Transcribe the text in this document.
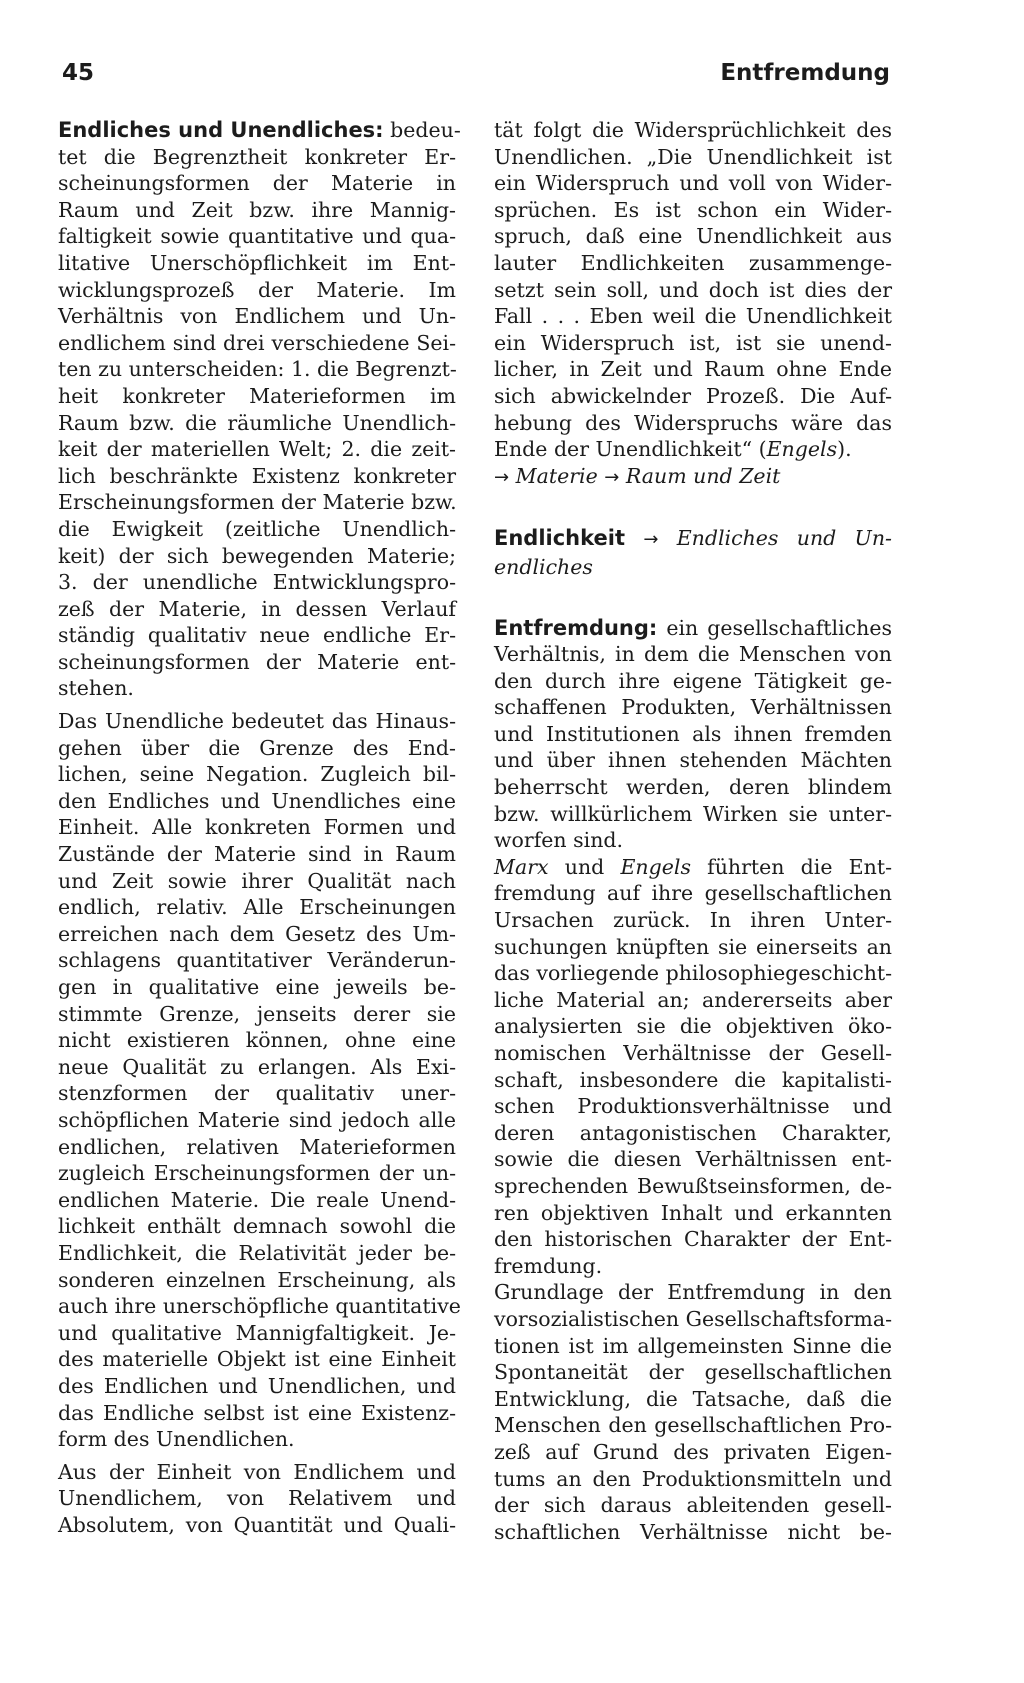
45	Entfremdung

Endliches und Unendliches: bedeu-
tet die Begrenztheit konkreter Er-
scheinungsformen der Materie in
Raum und Zeit bzw. ihre Mannig-
faltigkeit sowie quantitative und qua-
litative Unerschöpflichkeit im Ent-
wicklungsprozeß der Materie. Im
Verhältnis von Endlichem und Un-
endlichem sind drei verschiedene Sei-
ten zu unterscheiden: 1. die Begrenzt-
heit konkreter Materieformen im
Raum bzw. die räumliche Unendlich-
keit der materiellen Welt; 2. die zeit-
lich beschränkte Existenz konkreter
Erscheinungsformen der Materie bzw.
die Ewigkeit (zeitliche Unendlich-
keit) der sich bewegenden Materie;
3. der unendliche Entwicklungspro-
zeß der Materie, in dessen Verlauf
ständig qualitativ neue endliche Er-
scheinungsformen der Materie ent-
stehen.

Das Unendliche bedeutet das Hinaus-
gehen über die Grenze des End-
lichen, seine Negation. Zugleich bil-
den Endliches und Unendliches eine
Einheit. Alle konkreten Formen und
Zustände der Materie sind in Raum
und Zeit sowie ihrer Qualität nach
endlich, relativ. Alle Erscheinungen
erreichen nach dem Gesetz des Um-
schlagens quantitativer Veränderun-
gen in qualitative eine jeweils be-
stimmte Grenze, jenseits derer sie
nicht existieren können, ohne eine
neue Qualität zu erlangen. Als Exi-
stenzformen der qualitativ uner-
schöpflichen Materie sind jedoch alle
endlichen, relativen Materieformen
zugleich Erscheinungsformen der un-
endlichen Materie. Die reale Unend-
lichkeit enthält demnach sowohl die
Endlichkeit, die Relativität jeder be-
sonderen einzelnen Erscheinung, als
auch ihre unerschöpfliche quantitative
und qualitative Mannigfaltigkeit. Je-
des materielle Objekt ist eine Einheit
des Endlichen und Unendlichen, und
das Endliche selbst ist eine Existenz-
form des Unendlichen.

Aus der Einheit von Endlichem und
Unendlichem, von Relativem und
Absolutem, von Quantität und Quali-

tät folgt die Widersprüchlichkeit des
Unendlichen. „Die Unendlichkeit ist
ein Widerspruch und voll von Wider-
sprüchen. Es ist schon ein Wider-
spruch, daß eine Unendlichkeit aus
lauter Endlichkeiten zusammenge-
setzt sein soll, und doch ist dies der
Fall . . . Eben weil die Unendlichkeit
ein Widerspruch ist, ist sie unend-
licher, in Zeit und Raum ohne Ende
sich abwickelnder Prozeß. Die Auf-
hebung des Widerspruchs wäre das
Ende der Unendlichkeit“ (Engels).
→ Materie → Raum und Zeit

Endlichkeit → Endliches und Un-
endliches

Entfremdung: ein gesellschaftliches
Verhältnis, in dem die Menschen von
den durch ihre eigene Tätigkeit ge-
schaffenen Produkten, Verhältnissen
und Institutionen als ihnen fremden
und über ihnen stehenden Mächten
beherrscht werden, deren blindem
bzw. willkürlichem Wirken sie unter-
worfen sind.

Marx und Engels führten die Ent-
fremdung auf ihre gesellschaftlichen
Ursachen zurück. In ihren Unter-
suchungen knüpften sie einerseits an
das vorliegende philosophiegeschicht-
liche Material an; andererseits aber
analysierten sie die objektiven öko-
nomischen Verhältnisse der Gesell-
schaft, insbesondere die kapitalisti-
schen Produktionsverhältnisse und
deren antagonistischen Charakter,
sowie die diesen Verhältnissen ent-
sprechenden Bewußtseinsformen, de-
ren objektiven Inhalt und erkannten
den historischen Charakter der Ent-
fremdung.

Grundlage der Entfremdung in den
vorsozialistischen Gesellschaftsforma-
tionen ist im allgemeinsten Sinne die
Spontaneität der gesellschaftlichen
Entwicklung, die Tatsache, daß die
Menschen den gesellschaftlichen Pro-
zeß auf Grund des privaten Eigen-
tums an den Produktionsmitteln und
der sich daraus ableitenden gesell-
schaftlichen Verhältnisse nicht be-
